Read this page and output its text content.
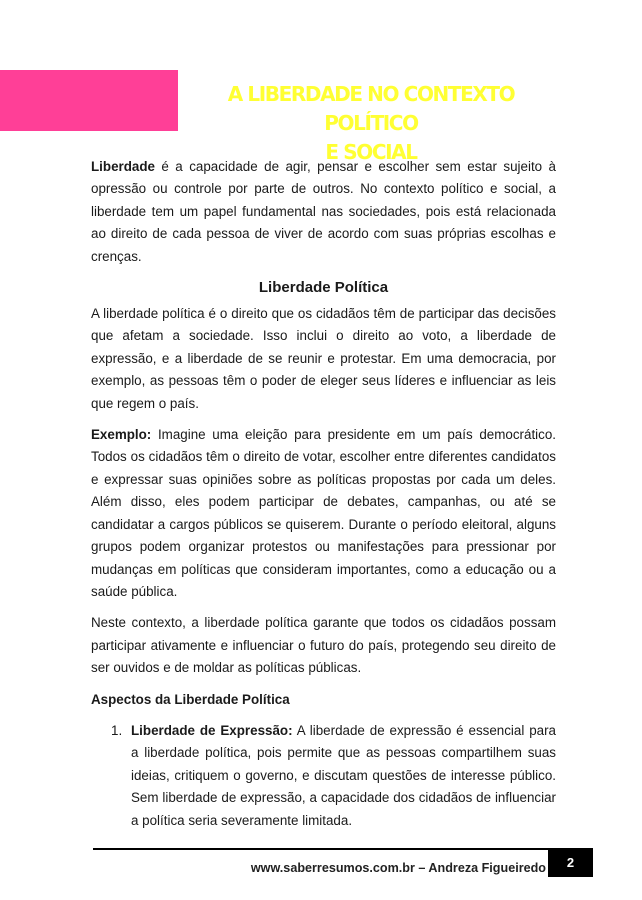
A LIBERDADE NO CONTEXTO POLÍTICO
E SOCIAL

Liberdade é a capacidade de agir, pensar e escolher sem estar sujeito à opressão ou controle por parte de outros. No contexto político e social, a liberdade tem um papel fundamental nas sociedades, pois está relacionada ao direito de cada pessoa de viver de acordo com suas próprias escolhas e crenças.

Liberdade Política

A liberdade política é o direito que os cidadãos têm de participar das decisões que afetam a sociedade. Isso inclui o direito ao voto, a liberdade de expressão, e a liberdade de se reunir e protestar. Em uma democracia, por exemplo, as pessoas têm o poder de eleger seus líderes e influenciar as leis que regem o país.

Exemplo: Imagine uma eleição para presidente em um país democrático. Todos os cidadãos têm o direito de votar, escolher entre diferentes candidatos e expressar suas opiniões sobre as políticas propostas por cada um deles. Além disso, eles podem participar de debates, campanhas, ou até se candidatar a cargos públicos se quiserem. Durante o período eleitoral, alguns grupos podem organizar protestos ou manifestações para pressionar por mudanças em políticas que consideram importantes, como a educação ou a saúde pública.

Neste contexto, a liberdade política garante que todos os cidadãos possam participar ativamente e influenciar o futuro do país, protegendo seu direito de ser ouvidos e de moldar as políticas públicas.

Aspectos da Liberdade Política
1. Liberdade de Expressão: A liberdade de expressão é essencial para a liberdade política, pois permite que as pessoas compartilhem suas ideias, critiquem o governo, e discutam questões de interesse público. Sem liberdade de expressão, a capacidade dos cidadãos de influenciar a política seria severamente limitada.
www.saberresumos.com.br – Andreza Figueiredo	2
